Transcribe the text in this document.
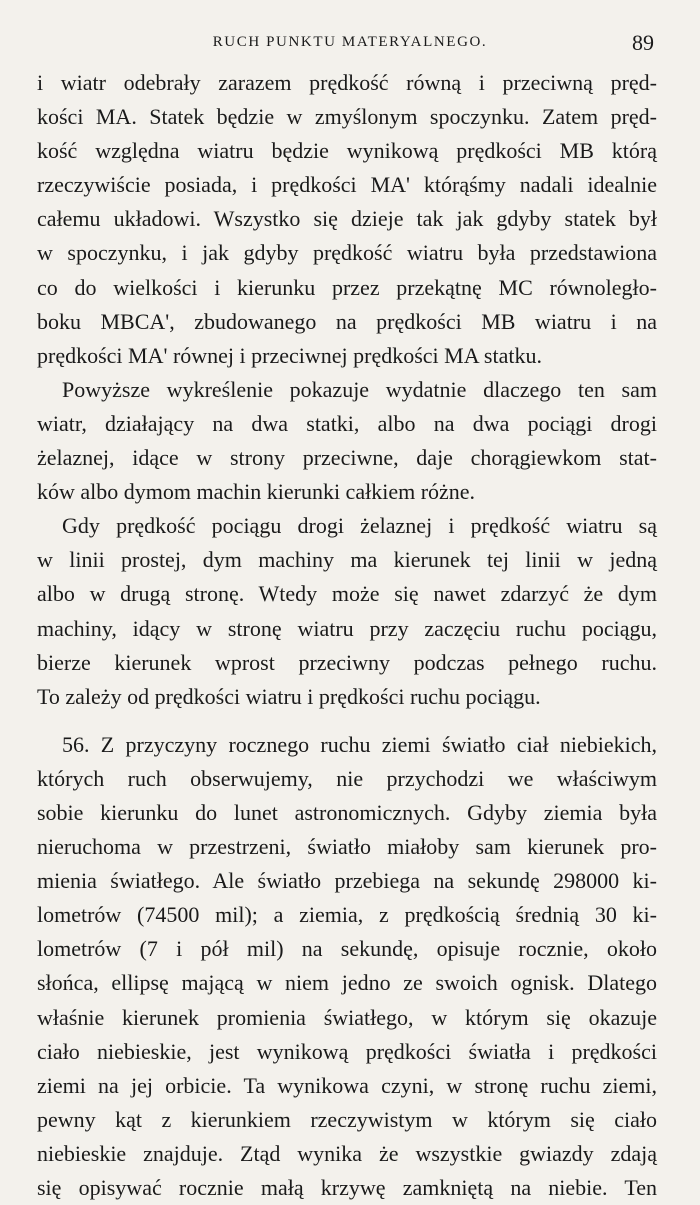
RUCH PUNKTU MATERYALNEGO.	89
i wiatr odebrały zarazem prędkość równą i przeciwną pręd-
kości MA. Statek będzie w zmyślonym spoczynku. Zatem pręd-
kość względna wiatru będzie wynikową prędkości MB którą
rzeczywiście posiada, i prędkości MA' którąśmy nadali idealnie
całemu układowi. Wszystko się dzieje tak jak gdyby statek był
w spoczynku, i jak gdyby prędkość wiatru była przedstawiona
co do wielkości i kierunku przez przekątnę MC równoległo-
boku MBCA', zbudowanego na prędkości MB wiatru i na
prędkości MA' równej i przeciwnej prędkości MA statku.
Powyższe wykreślenie pokazuje wydatnie dlaczego ten sam
wiatr, działający na dwa statki, albo na dwa pociągi drogi
żelaznej, idące w strony przeciwne, daje chorągiewkom stat-
ków albo dymom machin kierunki całkiem różne.
Gdy prędkość pociągu drogi żelaznej i prędkość wiatru są
w linii prostej, dym machiny ma kierunek tej linii w jedną
albo w drugą stronę. Wtedy może się nawet zdarzyć że dym
machiny, idący w stronę wiatru przy zaczęciu ruchu pociągu,
bierze kierunek wprost przeciwny podczas pełnego ruchu.
To zależy od prędkości wiatru i prędkości ruchu pociągu.
56. Z przyczyny rocznego ruchu ziemi światło ciał niebiekich,
których ruch obserwujemy, nie przychodzi we właściwym
sobie kierunku do lunet astronomicznych. Gdyby ziemia była
nieruchoma w przestrzeni, światło miałoby sam kierunek pro-
mienia światłego. Ale światło przebiega na sekundę 298000 ki-
lometrów (74500 mil); a ziemia, z prędkością średnią 30 ki-
lometrów (7 i pół mil) na sekundę, opisuje rocznie, około
słońca, ellipsę mającą w niem jedno ze swoich ognisk. Dlatego
właśnie kierunek promienia światłego, w którym się okazuje
ciało niebieskie, jest wynikową prędkości światła i prędkości
ziemi na jej orbicie. Ta wynikowa czyni, w stronę ruchu ziemi,
pewny kąt z kierunkiem rzeczywistym w którym się ciało
niebieskie znajduje. Ztąd wynika że wszystkie gwiazdy zdają
się opisywać rocznie małą krzywę zamkniętą na niebie. Ten
